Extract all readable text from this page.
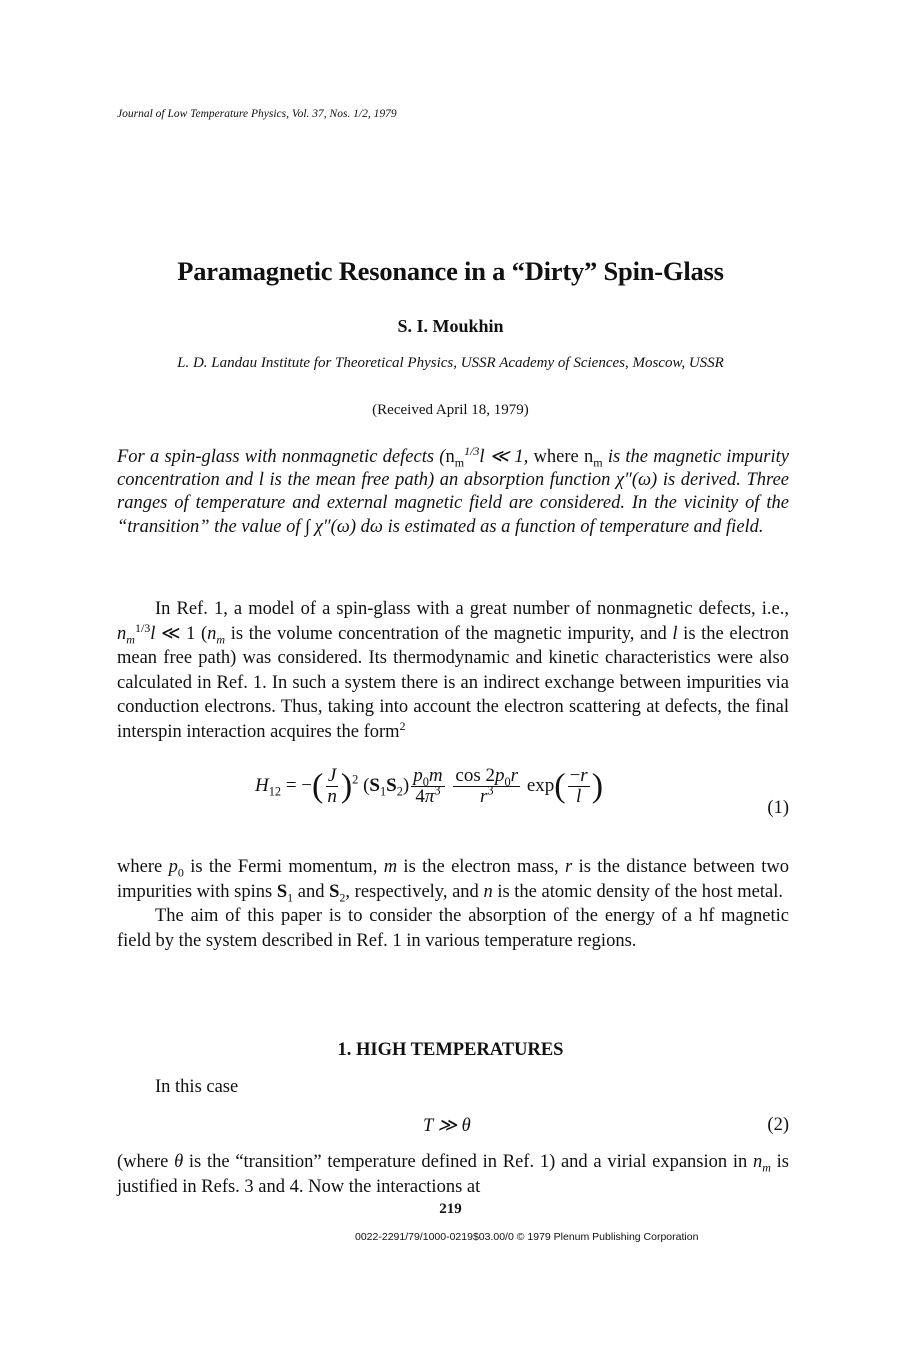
Journal of Low Temperature Physics, Vol. 37, Nos. 1/2, 1979
Paramagnetic Resonance in a “Dirty” Spin-Glass
S. I. Moukhin
L. D. Landau Institute for Theoretical Physics, USSR Academy of Sciences, Moscow, USSR
(Received April 18, 1979)
For a spin-glass with nonmagnetic defects ($n_m^{1/3}l$ ≪ 1, where $n_m$ is the magnetic impurity concentration and l is the mean free path) an absorption function χ″(ω) is derived. Three ranges of temperature and external magnetic field are considered. In the vicinity of the “transition” the value of ∫ χ″(ω) dω is estimated as a function of temperature and field.

In Ref. 1, a model of a spin-glass with a great number of nonmagnetic defects, i.e., $n_m^{1/3}l$ ≪ 1 ($n_m$ is the volume concentration of the magnetic impurity, and l is the electron mean free path) was considered. Its thermodynamic and kinetic characteristics were also calculated in Ref. 1. In such a system there is an indirect exchange between impurities via conduction electrons. Thus, taking into account the electron scattering at defects, the final interspin interaction acquires the form$^2$

$H_{12}$ = −( $\frac{J}{n} )^2$ $(S_1S_2) \frac{p_0m}{4\pi^3}$
$\frac{\cos 2p_0r}{r^3} \exp( \frac{-r}{l}$ )
(1)

where $p_0$ is the Fermi momentum, m is the electron mass, r is the distance between two impurities with spins $S_1$ and $S_2$, respectively, and n is the atomic density of the host metal.

The aim of this paper is to consider the absorption of the energy of a hf magnetic field by the system described in Ref. 1 in various temperature regions.

1. HIGH TEMPERATURES
In this case
T ≫ θ	(2)

(where θ is the “transition” temperature defined in Ref. 1) and a virial expansion in $n_m$ is justified in Refs. 3 and 4. Now the interactions at

219
0022-2291/79/1000-0219$03.00/0 © 1979 Plenum Publishing Corporation
